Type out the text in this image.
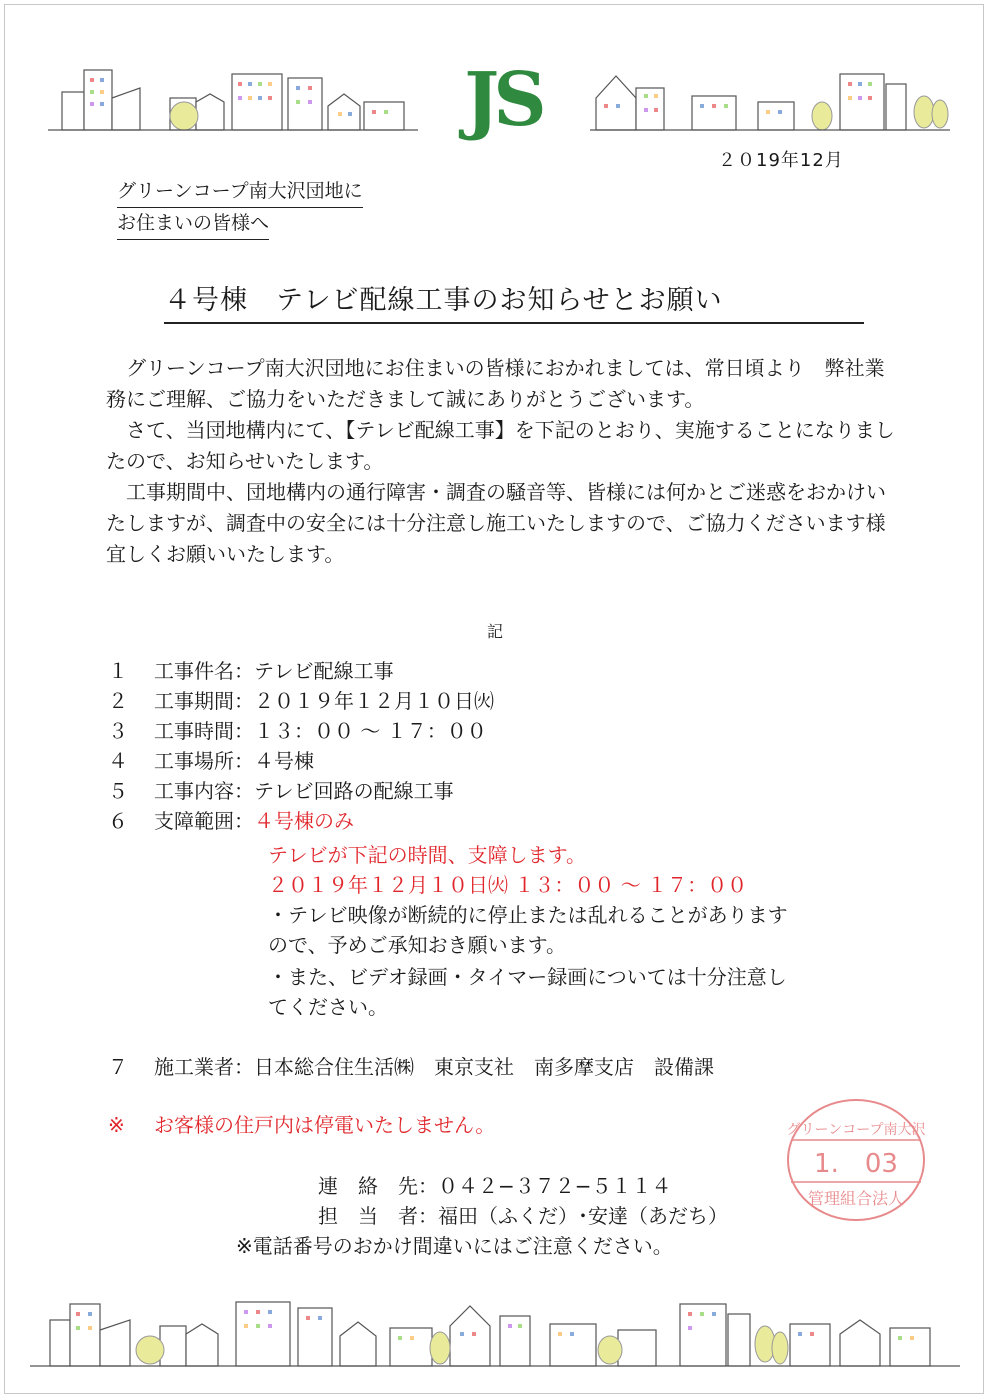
JS
２０19年12月
グリーンコープ南大沢団地に
お住まいの皆様へ
４号棟　テレビ配線工事のお知らせとお願い

　グリーンコープ南大沢団地にお住まいの皆様におかれましては、常日頃より　弊社業務にご理解、ご協力をいただきまして誠にありがとうございます。

　さて、当団地構内にて、【テレビ配線工事】を下記のとおり、実施することになりましたので、お知らせいたします。

　工事期間中、団地構内の通行障害・調査の騒音等、皆様には何かとご迷惑をおかけいたしますが、調査中の安全には十分注意し施工いたしますので、ご協力くださいます様宜しくお願いいたします。

記
１ 工事件名：テレビ配線工事
２ 工事期間：２０１９年１２月１０日㈫
３ 工事時間：１３：００ ～ １７：００
４ 工事場所：４号棟
５ 工事内容：テレビ回路の配線工事
６ 支障範囲：４号棟のみ
テレビが下記の時間、支障します。
２０１９年１２月１０日㈫ １３：００ ～ １７：００
・テレビ映像が断続的に停止または乱れることがあります
ので、予めご承知おき願います。
・また、ビデオ録画・タイマー録画については十分注意し
てください。
７ 施工業者：日本総合住生活㈱　東京支社　南多摩支店　設備課
※ お客様の住戸内は停電いたしません。
連　絡　先：０４２−３７２−５１１４
担　当　者：福田（ふくだ）･安達（あだち）
※電話番号のおかけ間違いにはご注意ください。
グリーンコープ南大沢
1.　03
管理組合法人
